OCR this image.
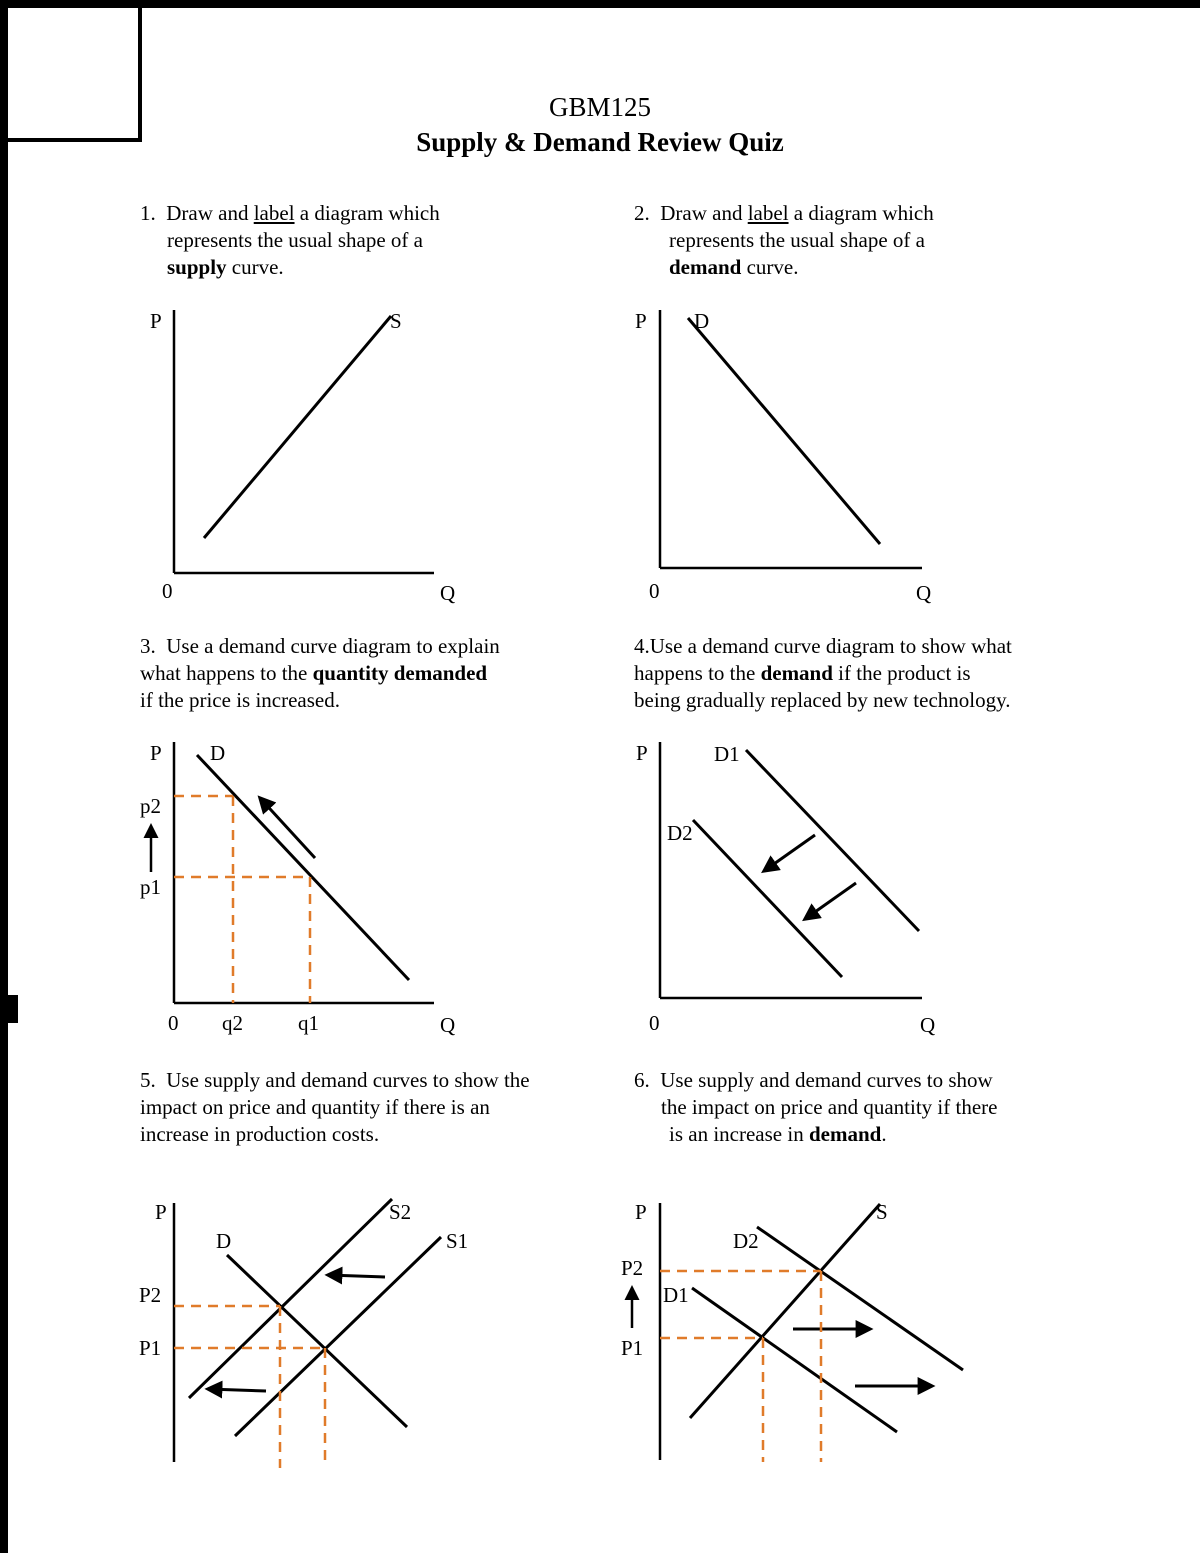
GBM125
Supply & Demand Review Quiz
1. Draw and label a diagram which
represents the usual shape of a
supply curve.
2. Draw and label a diagram which
represents the usual shape of a
demand curve.
3. Use a demand curve diagram to explain
what happens to the quantity demanded
if the price is increased.
4.Use a demand curve diagram to show what
happens to the demand if the product is
being gradually replaced by new technology.
5. Use supply and demand curves to show the
impact on price and quantity if there is an
increase in production costs.
6. Use supply and demand curves to show
the impact on price and quantity if there
is an increase in demand.
P	S
0	Q
P D
0	Q
P D
p2
p1
0 q2	q1	Q
P	D1
D2
0	Q
P
D
S2
S1
P2
P1
P	S
D2
D1
P2
P1
